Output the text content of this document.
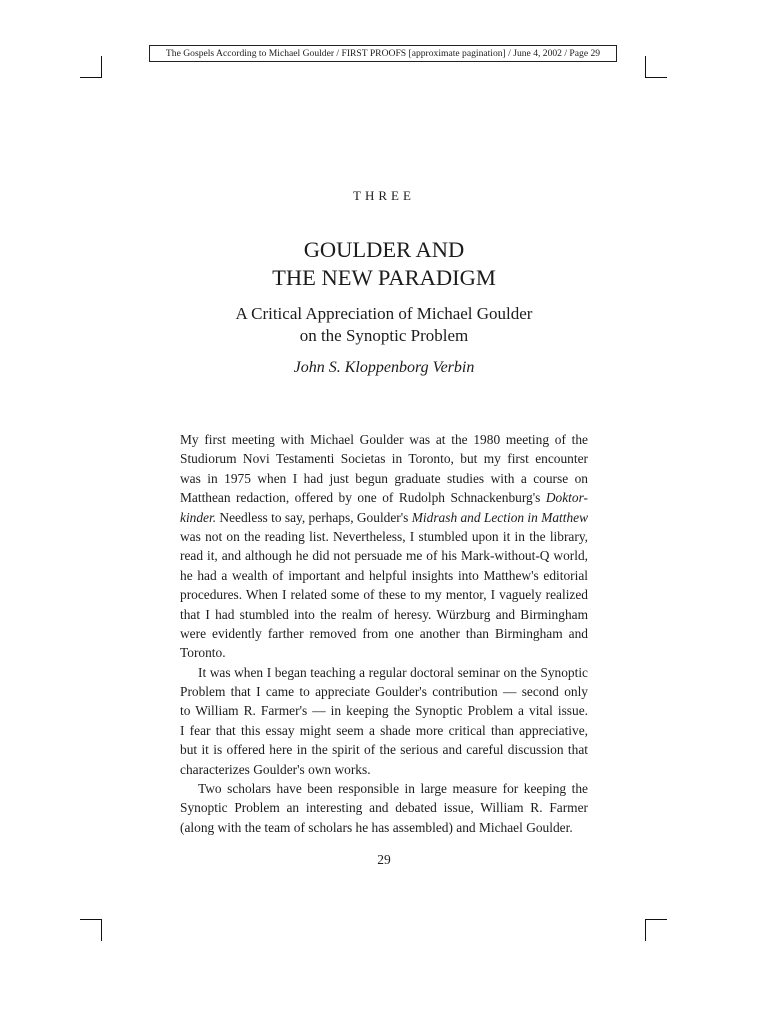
The Gospels According to Michael Goulder / FIRST PROOFS [approximate pagination] / June 4, 2002 / Page 29
THREE
GOULDER AND
THE NEW PARADIGM
A Critical Appreciation of Michael Goulder
on the Synoptic Problem
John S. Kloppenborg Verbin
My first meeting with Michael Goulder was at the 1980 meeting of the
Studiorum Novi Testamenti Societas in Toronto, but my first encounter
was in 1975 when I had just begun graduate studies with a course on
Matthean redaction, offered by one of Rudolph Schnackenburg's Doktor-
kinder. Needless to say, perhaps, Goulder's Midrash and Lection in Matthew
was not on the reading list. Nevertheless, I stumbled upon it in the library,
read it, and although he did not persuade me of his Mark-without-Q world,
he had a wealth of important and helpful insights into Matthew's editorial
procedures. When I related some of these to my mentor, I vaguely realized
that I had stumbled into the realm of heresy. Würzburg and Birmingham
were evidently farther removed from one another than Birmingham and
Toronto.
It was when I began teaching a regular doctoral seminar on the Synoptic
Problem that I came to appreciate Goulder's contribution — second only
to William R. Farmer's — in keeping the Synoptic Problem a vital issue.
I fear that this essay might seem a shade more critical than appreciative,
but it is offered here in the spirit of the serious and careful discussion that
characterizes Goulder's own works.
Two scholars have been responsible in large measure for keeping the
Synoptic Problem an interesting and debated issue, William R. Farmer
(along with the team of scholars he has assembled) and Michael Goulder.
29
